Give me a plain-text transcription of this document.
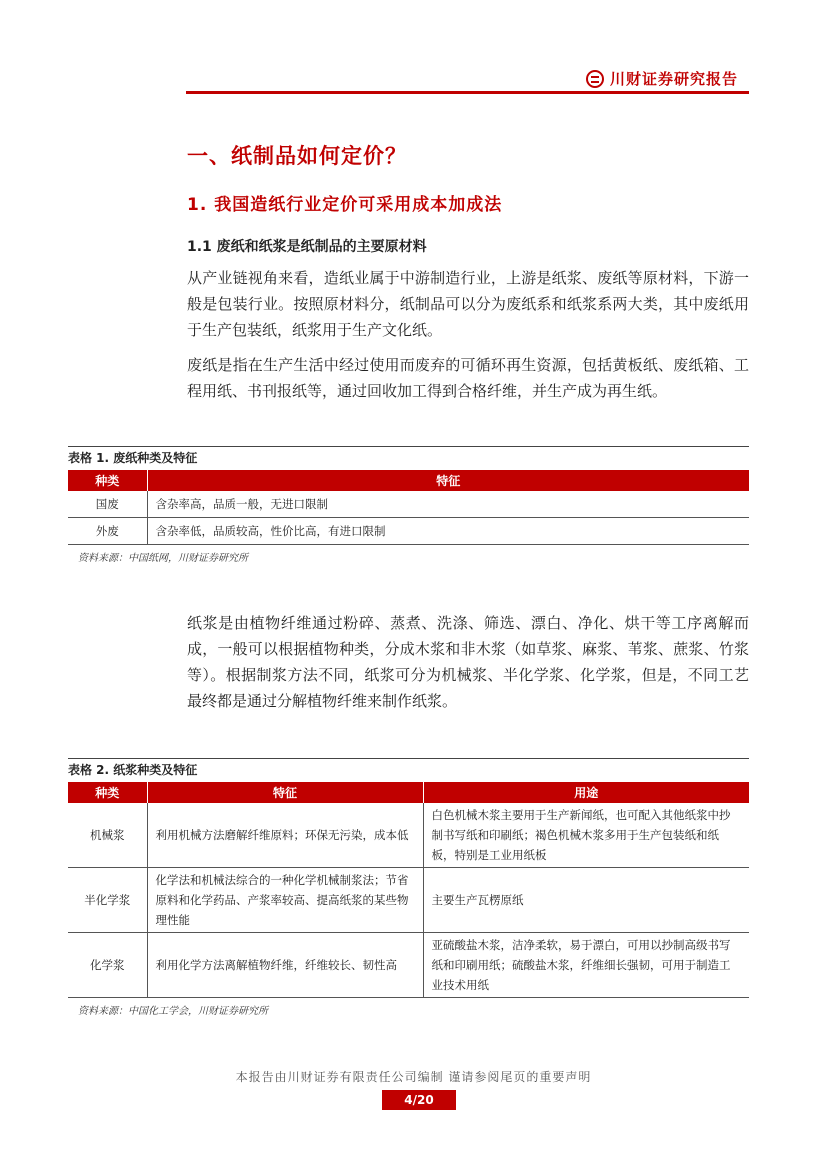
川财证券研究报告
一、纸制品如何定价？
1. 我国造纸行业定价可采用成本加成法
1.1 废纸和纸浆是纸制品的主要原材料

从产业链视角来看，造纸业属于中游制造行业，上游是纸浆、废纸等原材料，下游一般是包装行业。按照原材料分，纸制品可以分为废纸系和纸浆系两大类，其中废纸用于生产包装纸，纸浆用于生产文化纸。

废纸是指在生产生活中经过使用而废弃的可循环再生资源，包括黄板纸、废纸箱、工程用纸、书刊报纸等，通过回收加工得到合格纤维，并生产成为再生纸。

表格 1. 废纸种类及特征
种类	特征
国废	含杂率高，品质一般，无进口限制
外废	含杂率低，品质较高，性价比高，有进口限制
资料来源：中国纸网，川财证券研究所

纸浆是由植物纤维通过粉碎、蒸煮、洗涤、筛选、漂白、净化、烘干等工序离解而成，一般可以根据植物种类，分成木浆和非木浆（如草浆、麻浆、苇浆、蔗浆、竹浆等）。根据制浆方法不同，纸浆可分为机械浆、半化学浆、化学浆，但是，不同工艺最终都是通过分解植物纤维来制作纸浆。

表格 2. 纸浆种类及特征
种类	特征	用途
机械浆	利用机械方法磨解纤维原料；环保无污染，成本低	白色机械木浆主要用于生产新闻纸，也可配入其他纸浆中抄制书写纸和印刷纸；褐色机械木浆多用于生产包装纸和纸板，特别是工业用纸板
半化学浆	化学法和机械法综合的一种化学机械制浆法；节省原料和化学药品、产浆率较高、提高纸浆的某些物理性能	主要生产瓦楞原纸
化学浆	利用化学方法离解植物纤维，纤维较长、韧性高	亚硫酸盐木浆，洁净柔软，易于漂白，可用以抄制高级书写纸和印刷用纸；硫酸盐木浆，纤维细长强韧，可用于制造工业技术用纸
资料来源：中国化工学会，川财证券研究所
本报告由川财证券有限责任公司编制 谨请参阅尾页的重要声明
4/20
